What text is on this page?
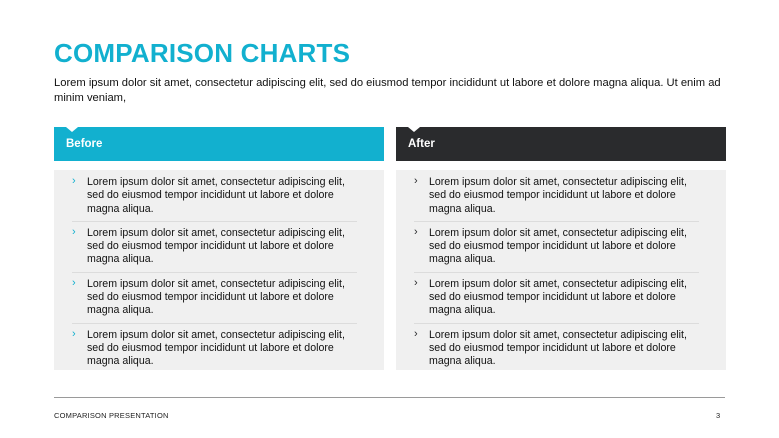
COMPARISON CHARTS
Lorem ipsum dolor sit amet, consectetur adipiscing elit, sed do eiusmod tempor incididunt ut labore et dolore magna aliqua. Ut enim ad minim veniam,
Before	After
› Lorem ipsum dolor sit amet, consectetur adipiscing elit, sed do eiusmod tempor incididunt ut labore et dolore magna aliqua.
› Lorem ipsum dolor sit amet, consectetur adipiscing elit, sed do eiusmod tempor incididunt ut labore et dolore magna aliqua.
› Lorem ipsum dolor sit amet, consectetur adipiscing elit, sed do eiusmod tempor incididunt ut labore et dolore magna aliqua.
› Lorem ipsum dolor sit amet, consectetur adipiscing elit, sed do eiusmod tempor incididunt ut labore et dolore magna aliqua.
› Lorem ipsum dolor sit amet, consectetur adipiscing elit, sed do eiusmod tempor incididunt ut labore et dolore magna aliqua.
› Lorem ipsum dolor sit amet, consectetur adipiscing elit, sed do eiusmod tempor incididunt ut labore et dolore magna aliqua.
› Lorem ipsum dolor sit amet, consectetur adipiscing elit, sed do eiusmod tempor incididunt ut labore et dolore magna aliqua.
› Lorem ipsum dolor sit amet, consectetur adipiscing elit, sed do eiusmod tempor incididunt ut labore et dolore magna aliqua.
COMPARISON PRESENTATION	3
